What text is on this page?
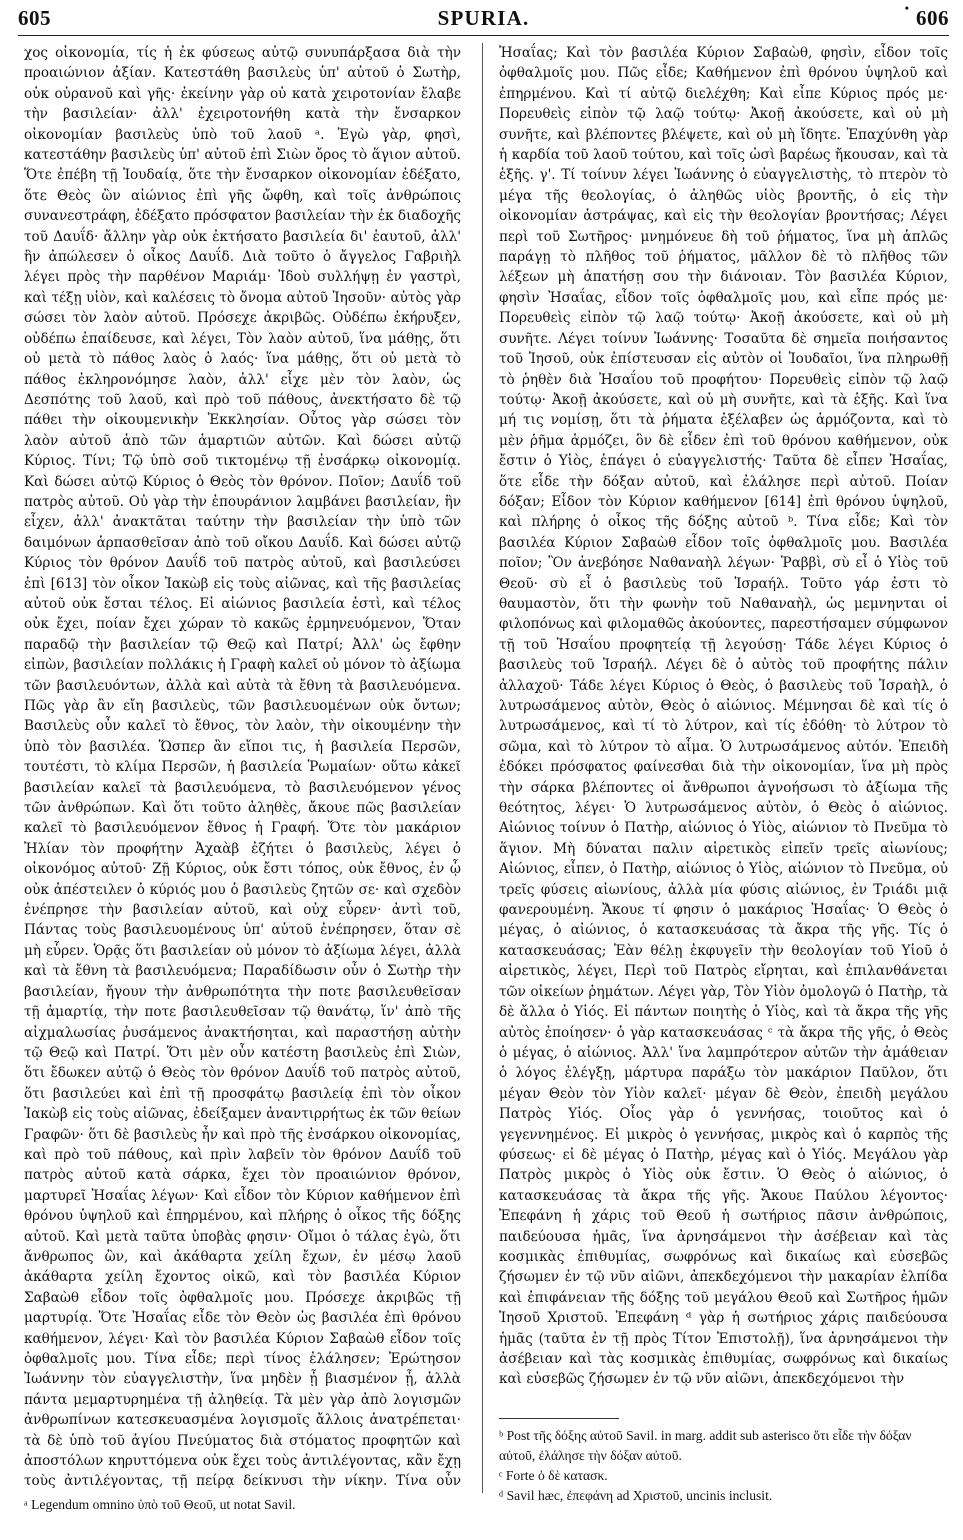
605	SPURIA.	• 606

χος οἰκονομία, τίς ἡ ἐκ φύσεως αὐτῷ συνυπάρξασα διὰ τὴν προαιώνιον ἀξίαν. Κατεστάθη βασιλεὺς ὑπ' αὐτοῦ ὁ Σωτὴρ, οὐκ οὐρανοῦ καὶ γῆς· ἐκείνην γὰρ οὐ κατὰ χειροτονίαν ἔλαβε τὴν βασιλείαν· ἀλλ' ἐχειροτονήθη κατὰ τὴν ἔνσαρκον οἰκονομίαν βασιλεὺς ὑπὸ τοῦ λαοῦ ᵃ. Ἐγὼ γὰρ, φησὶ, κατεστάθην βασιλεὺς ὑπ' αὐτοῦ ἐπὶ Σιὼν ὄρος τὸ ἅγιον αὐτοῦ. Ὅτε ἐπέβη τῇ Ἰουδαίᾳ, ὅτε τὴν ἔνσαρκον οἰκονομίαν ἐδέξατο, ὅτε Θεὸς ὢν αἰώνιος ἐπὶ γῆς ὤφθη, καὶ τοῖς ἀνθρώποις συνανεστράφη, ἐδέξατο πρόσφατον βασιλείαν τὴν ἐκ διαδοχῆς τοῦ Δαυΐδ· ἄλλην γὰρ οὐκ ἐκτήσατο βασιλεία δι' ἑαυτοῦ, ἀλλ' ἣν ἀπώλεσεν ὁ οἶκος Δαυΐδ. Διὰ τοῦτο ὁ ἄγγελος Γαβριὴλ λέγει πρὸς τὴν παρθένον Μαριάμ· Ἰδοὺ συλλήψῃ ἐν γαστρὶ, καὶ τέξῃ υἱὸν, καὶ καλέσεις τὸ ὄνομα αὐτοῦ Ἰησοῦν· αὐτὸς γὰρ σώσει τὸν λαὸν αὐτοῦ. Πρόσεχε ἀκριβῶς. Οὐδέπω ἐκήρυξεν, οὐδέπω ἐπαίδευσε, καὶ λέγει, Τὸν λαὸν αὐτοῦ, ἵνα μάθῃς, ὅτι οὐ μετὰ τὸ πάθος λαὸς ὁ λαός· ἵνα μάθῃς, ὅτι οὐ μετὰ τὸ πάθος ἐκληρονόμησε λαὸν, ἀλλ' εἶχε μὲν τὸν λαὸν, ὡς Δεσπότης τοῦ λαοῦ, καὶ πρὸ τοῦ πάθους, ἀνεκτήσατο δὲ τῷ πάθει τὴν οἰκουμενικὴν Ἐκκλησίαν. Οὗτος γὰρ σώσει τὸν λαὸν αὐτοῦ ἀπὸ τῶν ἁμαρτιῶν αὐτῶν. Καὶ δώσει αὐτῷ Κύριος. Τίνι; Τῷ ὑπὸ σοῦ τικτομένῳ τῇ ἐνσάρκῳ οἰκονομίᾳ. Καὶ δώσει αὐτῷ Κύριος ὁ Θεὸς τὸν θρόνον. Ποῖον; Δαυΐδ τοῦ πατρὸς αὐτοῦ. Οὐ γὰρ τὴν ἐπουράνιον λαμβάνει βασιλείαν, ἣν εἶχεν, ἀλλ' ἀνακτᾶται ταύτην τὴν βασιλείαν τὴν ὑπὸ τῶν δαιμόνων ἁρπασθεῖσαν ἀπὸ τοῦ οἴκου Δαυΐδ. Καὶ δώσει αὐτῷ Κύριος τὸν θρόνον Δαυΐδ τοῦ πατρὸς αὐτοῦ, καὶ βασιλεύσει ἐπὶ [613] τὸν οἶκον Ἰακὼβ εἰς τοὺς αἰῶνας, καὶ τῆς βασιλείας αὐτοῦ οὐκ ἔσται τέλος. Εἰ αἰώνιος βασιλεία ἐστὶ, καὶ τέλος οὐκ ἔχει, ποίαν ἔχει χώραν τὸ κακῶς ἑρμηνευόμενον, Ὅταν παραδῷ τὴν βασιλείαν τῷ Θεῷ καὶ Πατρί; Ἀλλ' ὡς ἔφθην εἰπὼν, βασιλείαν πολλάκις ἡ Γραφὴ καλεῖ οὐ μόνον τὸ ἀξίωμα τῶν βασιλευόντων, ἀλλὰ καὶ αὐτὰ τὰ ἔθνη τὰ βασιλευόμενα. Πῶς γὰρ ἂν εἴη βασιλεὺς, τῶν βασιλευομένων οὐκ ὄντων; Βασιλεὺς οὖν καλεῖ τὸ ἔθνος, τὸν λαὸν, τὴν οἰκουμένην τὴν ὑπὸ τὸν βασιλέα. Ὥσπερ ἂν εἴποι τις, ἡ βασιλεία Περσῶν, τουτέστι, τὸ κλίμα Περσῶν, ἡ βασιλεία Ῥωμαίων· οὕτω κἀκεῖ βασιλείαν καλεῖ τὰ βασιλευόμενα, τὸ βασιλευόμενον γένος τῶν ἀνθρώπων. Καὶ ὅτι τοῦτο ἀληθὲς, ἄκουε πῶς βασιλείαν καλεῖ τὸ βασιλευόμενον ἔθνος ἡ Γραφή. Ὅτε τὸν μακάριον Ἠλίαν τὸν προφήτην Ἀχαὰβ ἐζήτει ὁ βασιλεὺς, λέγει ὁ οἰκονόμος αὐτοῦ· Ζῇ Κύριος, οὐκ ἔστι τόπος, οὐκ ἔθνος, ἐν ᾧ οὐκ ἀπέστειλεν ὁ κύριός μου ὁ βασιλεὺς ζητῶν σε· καὶ σχεδὸν ἐνέπρησε τὴν βασιλείαν αὐτοῦ, καὶ οὐχ εὗρεν· ἀντὶ τοῦ, Πάντας τοὺς βασιλευομένους ὑπ' αὐτοῦ ἐνέπρησεν, ὅταν σὲ μὴ εὗρεν. Ὁρᾷς ὅτι βασιλείαν οὐ μόνον τὸ ἀξίωμα λέγει, ἀλλὰ καὶ τὰ ἔθνη τὰ βασιλευόμενα; Παραδίδωσιν οὖν ὁ Σωτὴρ τὴν βασιλείαν, ἤγουν τὴν ἀνθρωπότητα τὴν ποτε βασιλευθεῖσαν τῇ ἁμαρτίᾳ, τὴν ποτε βασιλευθεῖσαν τῷ θανάτῳ, ἵν' ἀπὸ τῆς αἰχμαλωσίας ῥυσάμενος ἀνακτήσηται, καὶ παραστήσῃ αὐτὴν τῷ Θεῷ καὶ Πατρί. Ὅτι μὲν οὖν κατέστη βασιλεὺς ἐπὶ Σιὼν, ὅτι ἔδωκεν αὐτῷ ὁ Θεὸς τὸν θρόνον Δαυΐδ τοῦ πατρὸς αὐτοῦ, ὅτι βασιλεύει καὶ ἐπὶ τῇ προσφάτῳ βασιλείᾳ ἐπὶ τὸν οἶκον Ἰακὼβ εἰς τοὺς αἰῶνας, ἐδείξαμεν ἀναντιρρήτως ἐκ τῶν θείων Γραφῶν· ὅτι δὲ βασιλεὺς ἦν καὶ πρὸ τῆς ἐνσάρκου οἰκονομίας, καὶ πρὸ τοῦ πάθους, καὶ πρὶν λαβεῖν τὸν θρόνον Δαυΐδ τοῦ πατρὸς αὐτοῦ κατὰ σάρκα, ἔχει τὸν προαιώνιον θρόνον, μαρτυρεῖ Ἠσαΐας λέγων· Καὶ εἶδον τὸν Κύριον καθήμενον ἐπὶ θρόνου ὑψηλοῦ καὶ ἐπηρμένου, καὶ πλήρης ὁ οἶκος τῆς δόξης αὐτοῦ. Καὶ μετὰ ταῦτα ὑποβὰς φησιν· Οἴμοι ὁ τάλας ἐγὼ, ὅτι ἄνθρωπος ὢν, καὶ ἀκάθαρτα χείλη ἔχων, ἐν μέσῳ λαοῦ ἀκάθαρτα χείλη ἔχοντος οἰκῶ, καὶ τὸν βασιλέα Κύριον Σαβαὼθ εἶδον τοῖς ὀφθαλμοῖς μου. Πρόσεχε ἀκριβῶς τῇ μαρτυρίᾳ. Ὅτε Ἠσαΐας εἶδε τὸν Θεὸν ὡς βασιλέα ἐπὶ θρόνου καθήμενον, λέγει· Καὶ τὸν βασιλέα Κύριον Σαβαὼθ εἶδον τοῖς ὀφθαλμοῖς μου. Τίνα εἶδε; περὶ τίνος ἐλάλησεν; Ἐρώτησον Ἰωάννην τὸν εὐαγγελιστὴν, ἵνα μηδὲν ᾖ βιασμένον ᾖ, ἀλλὰ πάντα μεμαρτυρημένα τῇ ἀληθείᾳ. Τὰ μὲν γὰρ ἀπὸ λογισμῶν ἀνθρωπίνων κατεσκευασμένα λογισμοῖς ἄλλοις ἀνατρέπεται· τὰ δὲ ὑπὸ τοῦ ἁγίου Πνεύματος διὰ στόματος προφητῶν καὶ ἀποστόλων κηρυττόμενα οὐκ ἔχει τοὺς ἀντιλέγοντας, κἂν ἔχῃ τοὺς ἀντιλέγοντας, τῇ πείρᾳ δείκνυσι τὴν νίκην. Τίνα οὖν

Ἠσαΐας; Καὶ τὸν βασιλέα Κύριον Σαβαὼθ, φησὶν, εἶδον τοῖς ὀφθαλμοῖς μου. Πῶς εἶδε; Καθήμενον ἐπὶ θρόνου ὑψηλοῦ καὶ ἐπηρμένου. Καὶ τί αὐτῷ διελέχθη; Καὶ εἶπε Κύριος πρός με· Πορευθεὶς εἰπὸν τῷ λαῷ τούτῳ· Ἀκοῇ ἀκούσετε, καὶ οὐ μὴ συνῆτε, καὶ βλέποντες βλέψετε, καὶ οὐ μὴ ἴδητε. Ἐπαχύνθη γὰρ ἡ καρδία τοῦ λαοῦ τούτου, καὶ τοῖς ὠσὶ βαρέως ἤκουσαν, καὶ τὰ ἑξῆς. γ'. Τί τοίνυν λέγει Ἰωάννης ὁ εὐαγγελιστὴς, τὸ πτερὸν τὸ μέγα τῆς θεολογίας, ὁ ἀληθῶς υἱὸς βροντῆς, ὁ εἰς τὴν οἰκονομίαν ἀστράψας, καὶ εἰς τὴν θεολογίαν βροντήσας; Λέγει περὶ τοῦ Σωτῆρος· μνημόνευε δὴ τοῦ ῥήματος, ἵνα μὴ ἁπλῶς παράγῃ τὸ πλῆθος τοῦ ῥήματος, μᾶλλον δὲ τὸ πλῆθος τῶν λέξεων μὴ ἀπατήσῃ σου τὴν διάνοιαν. Τὸν βασιλέα Κύριον, φησὶν Ἠσαΐας, εἶδον τοῖς ὀφθαλμοῖς μου, καὶ εἶπε πρός με· Πορευθεὶς εἰπὸν τῷ λαῷ τούτῳ· Ἀκοῇ ἀκούσετε, καὶ οὐ μὴ συνῆτε. Λέγει τοίνυν Ἰωάννης· Τοσαῦτα δὲ σημεῖα ποιήσαντος τοῦ Ἰησοῦ, οὐκ ἐπίστευσαν εἰς αὐτὸν οἱ Ἰουδαῖοι, ἵνα πληρωθῇ τὸ ῥηθὲν διὰ Ἠσαΐου τοῦ προφήτου· Πορευθεὶς εἰπὸν τῷ λαῷ τούτῳ· Ἀκοῇ ἀκούσετε, καὶ οὐ μὴ συνῆτε, καὶ τὰ ἑξῆς. Καὶ ἵνα μή τις νομίσῃ, ὅτι τὰ ῥήματα ἐξέλαβεν ὡς ἁρμόζοντα, καὶ τὸ μὲν ῥῆμα ἁρμόζει, ὃν δὲ εἶδεν ἐπὶ τοῦ θρόνου καθήμενον, οὐκ ἔστιν ὁ Υἱὸς, ἐπάγει ὁ εὐαγγελιστής· Ταῦτα δὲ εἶπεν Ἠσαΐας, ὅτε εἶδε τὴν δόξαν αὐτοῦ, καὶ ἐλάλησε περὶ αὐτοῦ. Ποίαν δόξαν; Εἶδον τὸν Κύριον καθήμενον [614] ἐπὶ θρόνου ὑψηλοῦ, καὶ πλήρης ὁ οἶκος τῆς δόξης αὐτοῦ ᵇ. Τίνα εἶδε; Καὶ τὸν βασιλέα Κύριον Σαβαὼθ εἶδον τοῖς ὀφθαλμοῖς μου. Βασιλέα ποῖον; Ὃν ἀνεβόησε Ναθαναὴλ λέγων· Ῥαββὶ, σὺ εἶ ὁ Υἱὸς τοῦ Θεοῦ· σὺ εἶ ὁ βασιλεὺς τοῦ Ἰσραήλ. Τοῦτο γάρ ἐστι τὸ θαυμαστὸν, ὅτι τὴν φωνὴν τοῦ Ναθαναὴλ, ὡς μεμνηνται οἱ φιλοπόνως καὶ φιλομαθῶς ἀκούοντες, παρεστήσαμεν σύμφωνον τῇ τοῦ Ἠσαΐου προφητείᾳ τῇ λεγούσῃ· Τάδε λέγει Κύριος ὁ βασιλεὺς τοῦ Ἰσραήλ. Λέγει δὲ ὁ αὐτὸς τοῦ προφήτης πάλιν ἀλλαχοῦ· Τάδε λέγει Κύριος ὁ Θεὸς, ὁ βασιλεὺς τοῦ Ἰσραὴλ, ὁ λυτρωσάμενος αὐτὸν, Θεὸς ὁ αἰώνιος. Μέμνησαι δὲ καὶ τίς ὁ λυτρωσάμενος, καὶ τί τὸ λύτρον, καὶ τίς ἐδόθη· τὸ λύτρον τὸ σῶμα, καὶ τὸ λύτρον τὸ αἷμα. Ὁ λυτρωσάμενος αὐτόν. Ἐπειδὴ ἐδόκει πρόσφατος φαίνεσθαι διὰ τὴν οἰκονομίαν, ἵνα μὴ πρὸς τὴν σάρκα βλέποντες οἱ ἄνθρωποι ἀγνοήσωσι τὸ ἀξίωμα τῆς θεότητος, λέγει· Ὁ λυτρωσάμενος αὐτὸν, ὁ Θεὸς ὁ αἰώνιος. Αἰώνιος τοίνυν ὁ Πατὴρ, αἰώνιος ὁ Υἱὸς, αἰώνιον τὸ Πνεῦμα τὸ ἅγιον. Μὴ δύναται παλιν αἱρετικὸς εἰπεῖν τρεῖς αἰωνίους; Αἰώνιος, εἶπεν, ὁ Πατὴρ, αἰώνιος ὁ Υἱὸς, αἰώνιον τὸ Πνεῦμα, οὐ τρεῖς φύσεις αἰωνίους, ἀλλὰ μία φύσις αἰώνιος, ἐν Τριάδι μιᾷ φανερουμένη. Ἄκουε τί φησιν ὁ μακάριος Ἠσαΐας· Ὁ Θεὸς ὁ μέγας, ὁ αἰώνιος, ὁ κατασκευάσας τὰ ἄκρα τῆς γῆς. Τίς ὁ κατασκευάσας; Ἐὰν θέλῃ ἐκφυγεῖν τὴν θεολογίαν τοῦ Υἱοῦ ὁ αἱρετικὸς, λέγει, Περὶ τοῦ Πατρὸς εἴρηται, καὶ ἐπιλανθάνεται τῶν οἰκείων ῥημάτων. Λέγει γὰρ, Τὸν Υἱὸν ὁμολογῶ ὁ Πατὴρ, τὰ δὲ ἄλλα ὁ Υἱός. Εἰ πάντων ποιητὴς ὁ Υἱὸς, καὶ τὰ ἄκρα τῆς γῆς αὐτὸς ἐποίησεν· ὁ γὰρ κατασκευάσας ᶜ τὰ ἄκρα τῆς γῆς, ὁ Θεὸς ὁ μέγας, ὁ αἰώνιος. Ἀλλ' ἵνα λαμπρότερον αὐτῶν τὴν ἀμάθειαν ὁ λόγος ἐλέγξῃ, μάρτυρα παράξω τὸν μακάριον Παῦλον, ὅτι μέγαν Θεὸν τὸν Υἱὸν καλεῖ· μέγαν δὲ Θεὸν, ἐπειδὴ μεγάλου Πατρὸς Υἱός. Οἷος γὰρ ὁ γεννήσας, τοιοῦτος καὶ ὁ γεγεννημένος. Εἰ μικρὸς ὁ γεννήσας, μικρὸς καὶ ὁ καρπὸς τῆς φύσεως· εἰ δὲ μέγας ὁ Πατὴρ, μέγας καὶ ὁ Υἱός. Μεγάλου γὰρ Πατρὸς μικρὸς ὁ Υἱὸς οὐκ ἔστιν. Ὁ Θεὸς ὁ αἰώνιος, ὁ κατασκευάσας τὰ ἄκρα τῆς γῆς. Ἄκουε Παύλου λέγοντος· Ἐπεφάνη ἡ χάρις τοῦ Θεοῦ ἡ σωτήριος πᾶσιν ἀνθρώποις, παιδεύουσα ἡμᾶς, ἵνα ἀρνησάμενοι τὴν ἀσέβειαν καὶ τὰς κοσμικὰς ἐπιθυμίας, σωφρόνως καὶ δικαίως καὶ εὐσεβῶς ζήσωμεν ἐν τῷ νῦν αἰῶνι, ἀπεκδεχόμενοι τὴν μακαρίαν ἐλπίδα καὶ ἐπιφάνειαν τῆς δόξης τοῦ μεγάλου Θεοῦ καὶ Σωτῆρος ἡμῶν Ἰησοῦ Χριστοῦ. Ἐπεφάνη ᵈ γὰρ ἡ σωτήριος χάρις παιδεύουσα ἡμᾶς (ταῦτα ἐν τῇ πρὸς Τίτον Ἐπιστολῇ), ἵνα ἀρνησάμενοι τὴν ἀσέβειαν καὶ τὰς κοσμικὰς ἐπιθυμίας, σωφρόνως καὶ δικαίως καὶ εὐσεβῶς ζήσωμεν ἐν τῷ νῦν αἰῶνι, ἀπεκδεχόμενοι τὴν

ᵃ Legendum omnino ὑπὸ τοῦ Θεοῦ, ut notat Savil.
ᵇ Post τῆς δόξης αὐτοῦ Savil. in marg. addit sub asterisco ὅτι εἶδε τὴν δόξαν αὐτοῦ, ἐλάλησε τὴν δόξαν αὐτοῦ.
ᶜ Forte ὁ δὲ κατασκ.
ᵈ Savil hæc, ἐπεφάνη ad Χριστοῦ, uncinis inclusit.
